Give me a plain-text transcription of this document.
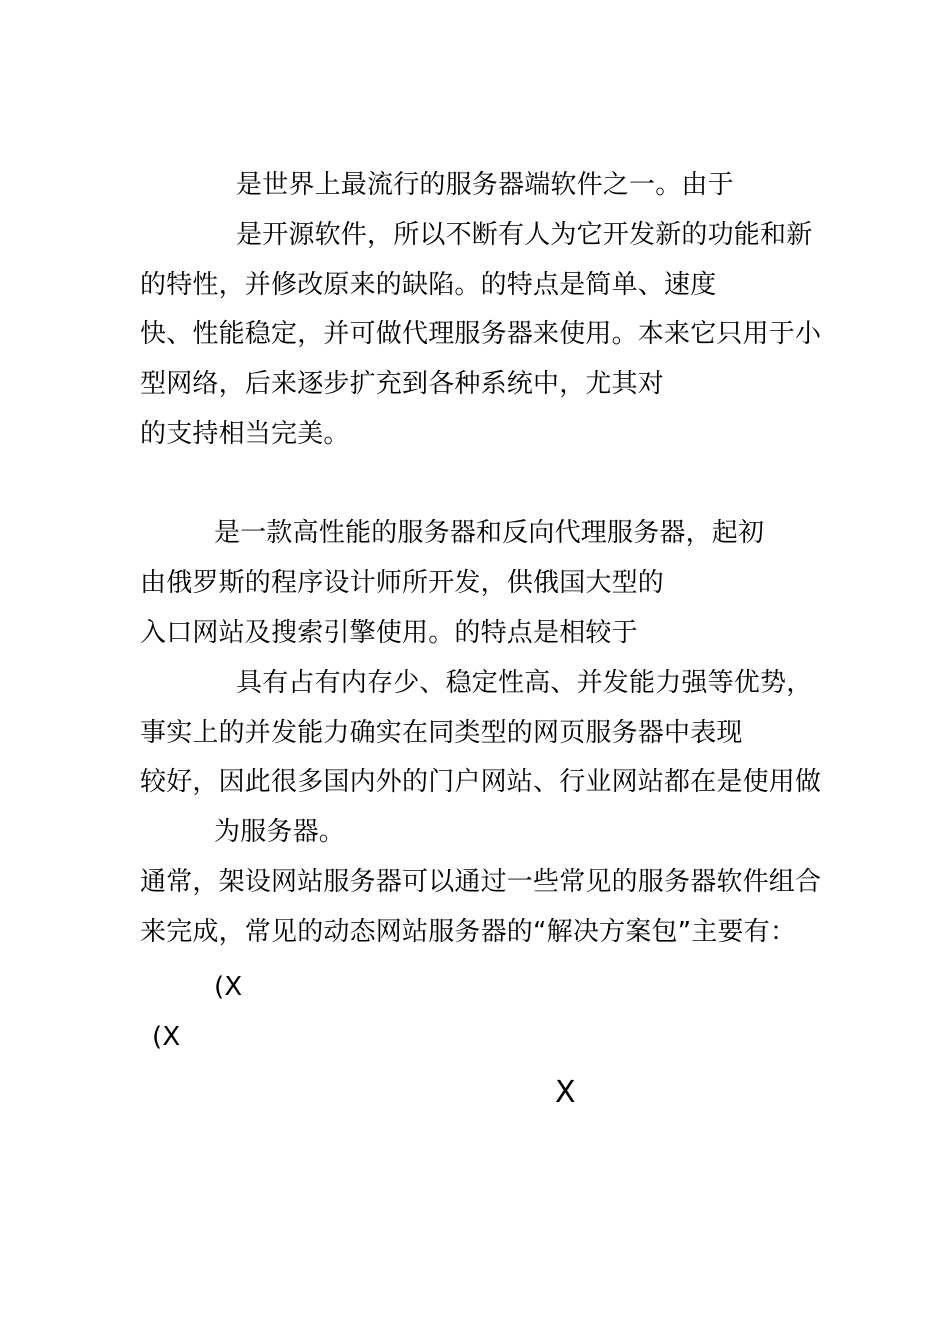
是世界上最流行的服务器端软件之一。由于
是开源软件，所以不断有人为它开发新的功能和新
的特性，并修改原来的缺陷。的特点是简单、速度
快、性能稳定，并可做代理服务器来使用。本来它只用于小
型网络，后来逐步扩充到各种系统中，尤其对
的支持相当完美。
是一款高性能的服务器和反向代理服务器，起初
由俄罗斯的程序设计师所开发，供俄国大型的
入口网站及搜索引擎使用。的特点是相较于
具有占有内存少、稳定性高、并发能力强等优势，
事实上的并发能力确实在同类型的网页服务器中表现
较好，因此很多国内外的门户网站、行业网站都在是使用做
为服务器。
通常，架设网站服务器可以通过一些常见的服务器软件组合
来完成，常见的动态网站服务器的“解决方案包”主要有：
(X
(X
X
